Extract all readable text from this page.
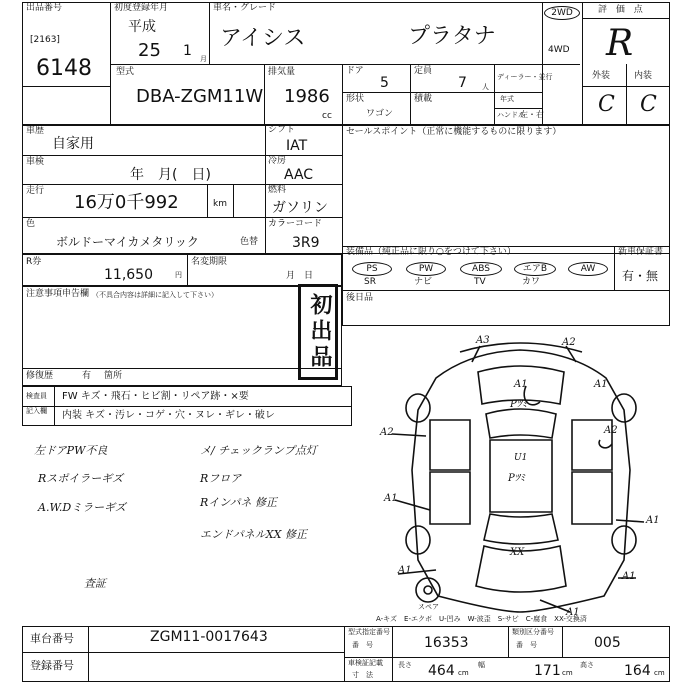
出品番号
[2163]
6148
初度登録年月
平成
25 1 月
車名・グレード
アイシス	プラタナ
2WD
4WD
評 価 点
R
外装	内装
C C
型式
DBA-ZGM11W
排気量
1986
cc
ドア
5
定員
7 人
ディーラー・並行
形状
ワゴン
積載	年式
ハンドル
左・右
車歴
自家用
シフト
IAT
車検
年　月(　日)
冷房
AAC
走行
16万0千992	km
燃料
ガソリン
色
ボルドーマイカメタリック	色替
カラーコード
3R9
R券
11,650	円
名変期限
月　日
セールスポイント（正常に機能するものに限ります）
装備品（純正品に限り○をつけて下さい）	新車保証書
PS	PW	ABS	エアB	AW
SR	ナビ	TV	カワ	有・無
後日品
注意事項申告欄 （不具合内容は詳細に記入して下さい）	初出品
修復歴	有 箇所
検査員
記入欄
FW キズ・飛石・ヒビ割・リペア跡・×要
内装 キズ・汚レ・コゲ・穴・ヌレ・ギレ・破レ
左ドアPW不良
Rスポイラーギズ
A.W.Dミラーギズ
査証
メ/ チェックランプ点灯
Rフロア
Rインパネ 修正
エンドパネルXX 修正
A3	A2
A1
Pﾂﾐ
U1
Pﾂﾐ
A2
A1
A1
XX
A1
A1
A1
A2
A1
スペア
A-キズ　E-エクボ　U-凹み　W-波歪　S-サビ　C-腐食　XX-交換済
車台番号	ZGM11-0017643
登録番号
型式指定番号
番　号	16353
類別区分番号
番　号	005
車検証記載
寸　法
長さ 464 cm
幅	171 cm
高さ 164 cm
